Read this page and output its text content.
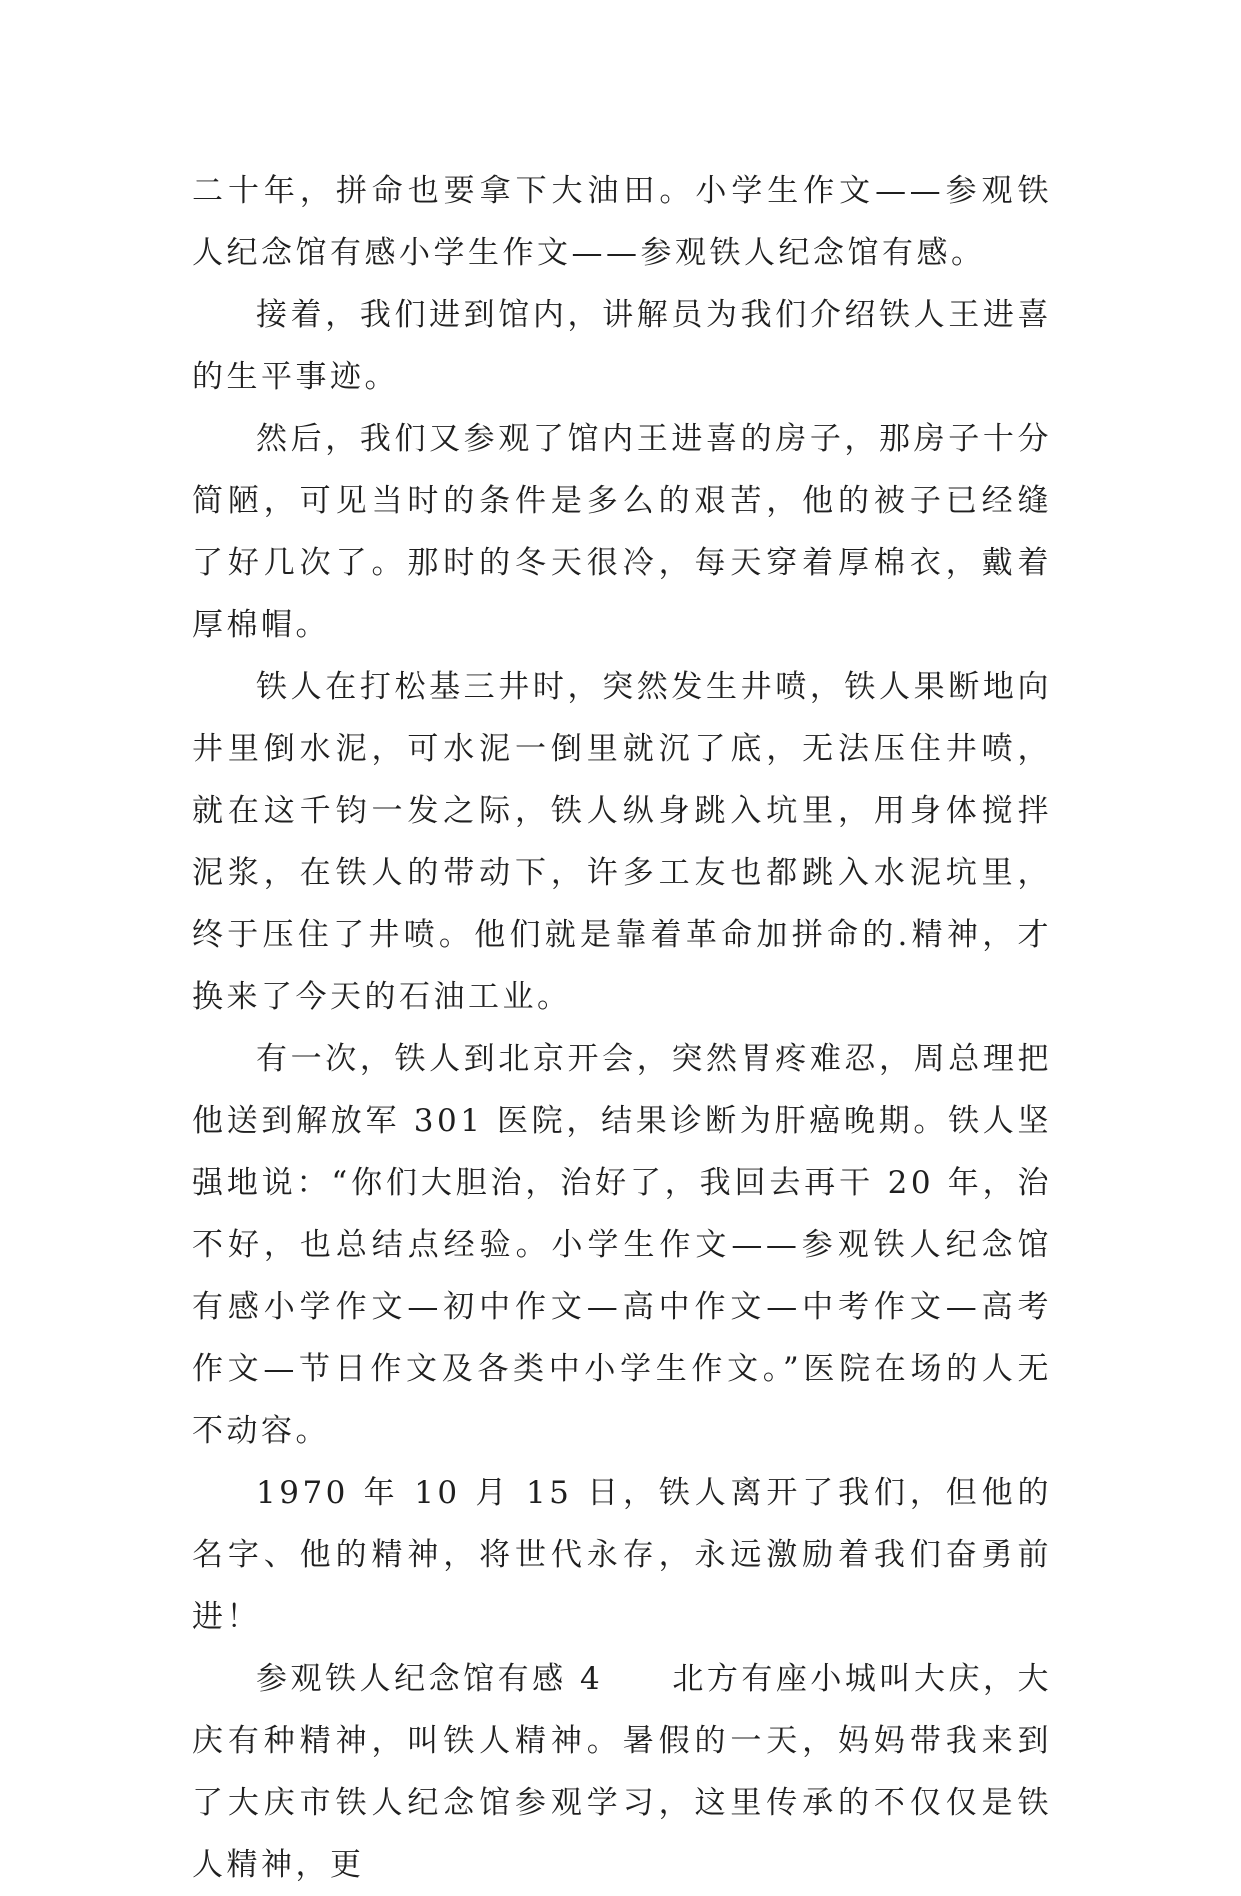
二十年，拼命也要拿下大油田。小学生作文——参观铁人纪念馆有感小学生作文——参观铁人纪念馆有感。

接着，我们进到馆内，讲解员为我们介绍铁人王进喜的生平事迹。

然后，我们又参观了馆内王进喜的房子，那房子十分简陋，可见当时的条件是多么的艰苦，他的被子已经缝了好几次了。那时的冬天很冷，每天穿着厚棉衣，戴着厚棉帽。

铁人在打松基三井时，突然发生井喷，铁人果断地向井里倒水泥，可水泥一倒里就沉了底，无法压住井喷，就在这千钧一发之际，铁人纵身跳入坑里，用身体搅拌泥浆，在铁人的带动下，许多工友也都跳入水泥坑里，终于压住了井喷。他们就是靠着革命加拼命的.精神，才换来了今天的石油工业。

有一次，铁人到北京开会，突然胃疼难忍，周总理把他送到解放军 301 医院，结果诊断为肝癌晚期。铁人坚强地说：“你们大胆治，治好了，我回去再干 20 年，治不好，也总结点经验。小学生作文——参观铁人纪念馆有感小学作文—初中作文—高中作文—中考作文—高考作文—节日作文及各类中小学生作文。”医院在场的人无不动容。

1970 年 10 月 15 日，铁人离开了我们，但他的名字、他的精神，将世代永存，永远激励着我们奋勇前进！

参观铁人纪念馆有感 4　　北方有座小城叫大庆，大庆有种精神，叫铁人精神。暑假的一天，妈妈带我来到了大庆市铁人纪念馆参观学习，这里传承的不仅仅是铁人精神，更
